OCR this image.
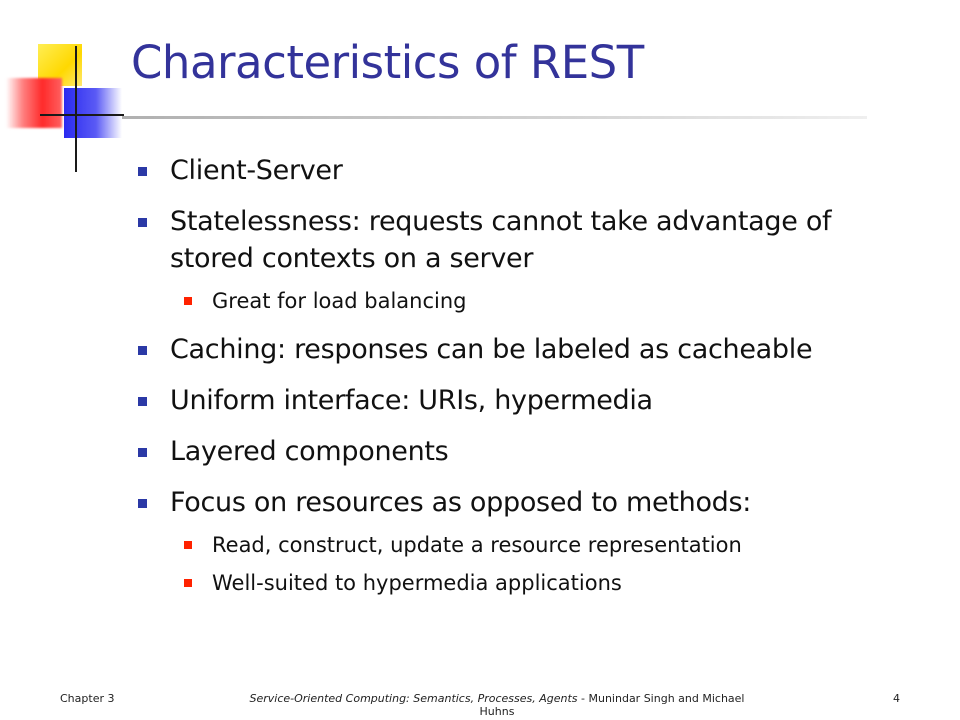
Characteristics of REST
Client-Server
Statelessness: requests cannot take advantage of stored contexts on a server
Great for load balancing
Caching: responses can be labeled as cacheable
Uniform interface: URIs, hypermedia
Layered components
Focus on resources as opposed to methods:
Read, construct, update a resource representation
Well-suited to hypermedia applications
Chapter 3	Service-Oriented Computing: Semantics, Processes, Agents - Munindar Singh and Michael Huhns
4
